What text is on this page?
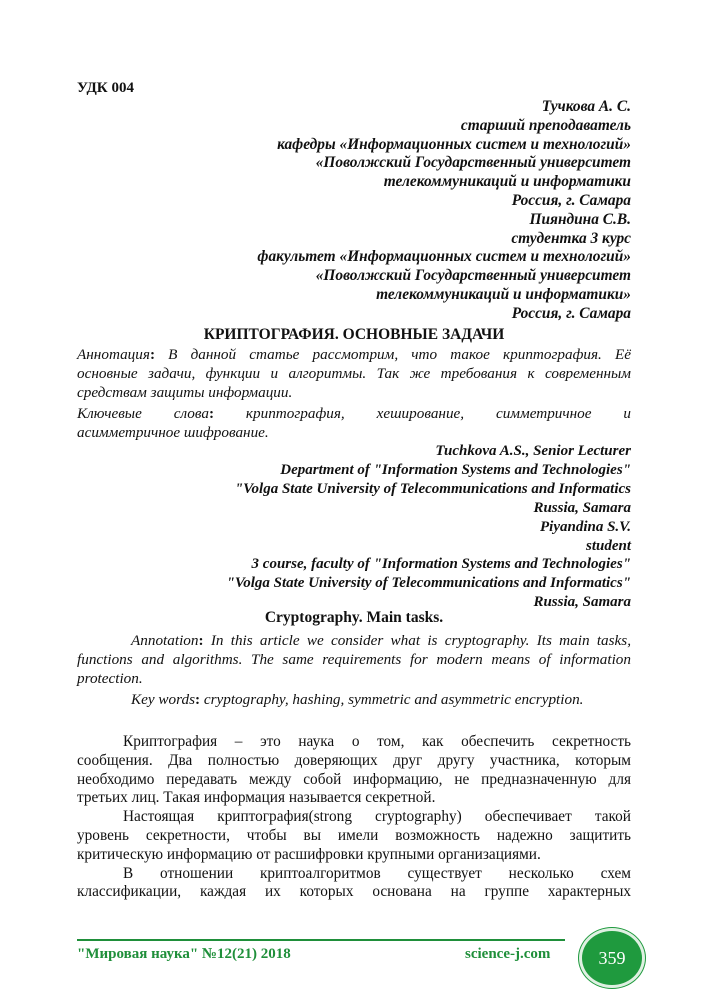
УДК 004
Тучкова А. С.
старший преподаватель
кафедры «Информационных систем и технологий»
«Поволжский Государственный университет
телекоммуникаций и информатики
Россия, г. Самара
Пияндина С.В.
студентка 3 курс
факультет «Информационных систем и технологий»
«Поволжский Государственный университет
телекоммуникаций и информатики»
Россия, г. Самара
КРИПТОГРАФИЯ. ОСНОВНЫЕ ЗАДАЧИ
Аннотация: В данной статье рассмотрим, что такое криптография. Её
основные задачи, функции и алгоритмы. Так же требования к современным
средствам защиты информации.
Ключевые слова: криптография, хеширование, симметричное и
асимметричное шифрование.
Tuchkova A.S., Senior Lecturer
Department of "Information Systems and Technologies"
"Volga State University of Telecommunications and Informatics
Russia, Samara
Piyandina S.V.
student
3 course, faculty of "Information Systems and Technologies"
"Volga State University of Telecommunications and Informatics"
Russia, Samara
Cryptography. Main tasks.
Annotation: In this article we consider what is cryptography. Its main tasks,
functions and algorithms. The same requirements for modern means of information
protection.
Key words: cryptography, hashing, symmetric and asymmetric encryption.
Криптография – это наука о том, как обеспечить секретность
сообщения. Два полностью доверяющих друг другу участника, которым
необходимо передавать между собой информацию, не предназначенную для
третьих лиц. Такая информация называется секретной.
Настоящая криптография(strong cryptography) обеспечивает такой
уровень секретности, чтобы вы имели возможность надежно защитить
критическую информацию от расшифровки крупными организациями.
В отношении криптоалгоритмов существует несколько схем
классификации, каждая их которых основана на группе характерных
"Мировая наука" №12(21) 2018	science-j.com	359
